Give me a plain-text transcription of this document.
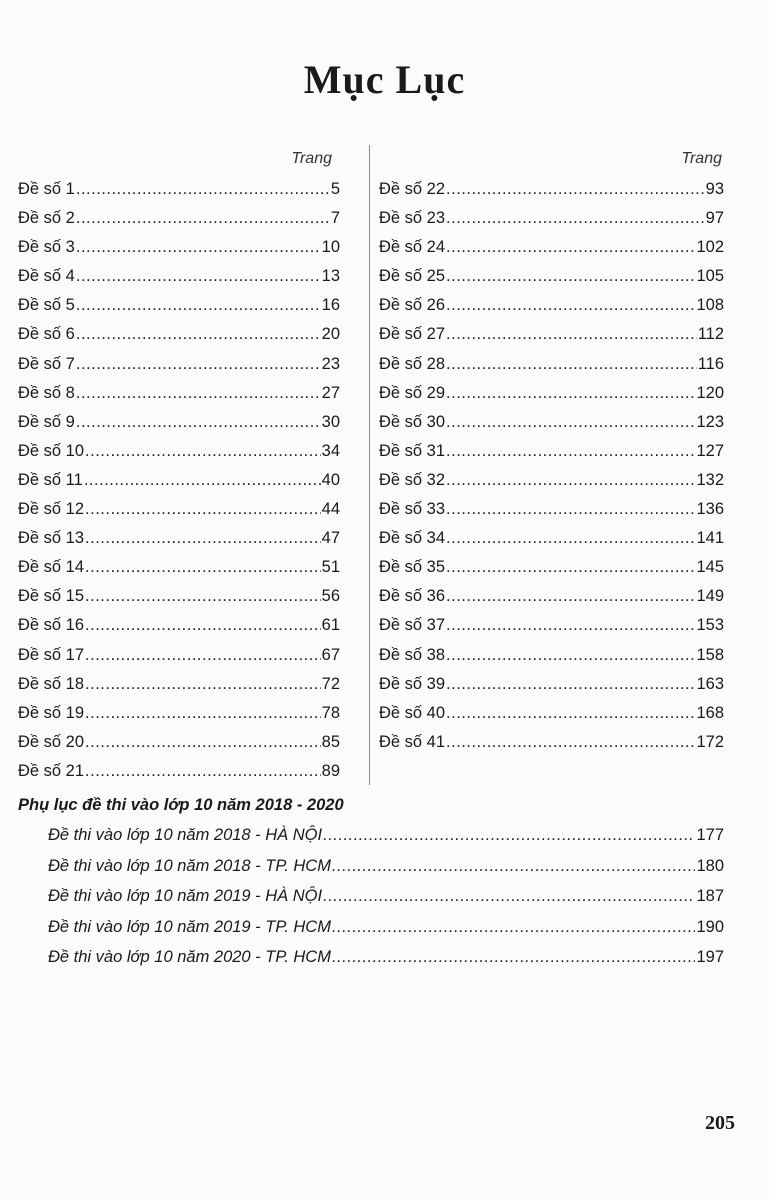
Mục Lục
Trang
Đề số 1 .....	5
Đề số 2 .....	7
Đề số 3 .....	10
Đề số 4 .....	13
Đề số 5 .....	16
Đề số 6 .....	20
Đề số 7 .....	23
Đề số 8 .....	27
Đề số 9 .....	30
Đề số 10 .....	34
Đề số 11 .....	40
Đề số 12 .....	44
Đề số 13 .....	47
Đề số 14 .....	51
Đề số 15 .....	56
Đề số 16 .....	61
Đề số 17 .....	67
Đề số 18 .....	72
Đề số 19 .....	78
Đề số 20 .....	85
Đề số 21 .....	89
Trang
Đề số 22 .....	93
Đề số 23 .....	97
Đề số 24 .....	102
Đề số 25 .....	105
Đề số 26 .....	108
Đề số 27 .....	112
Đề số 28 .....	116
Đề số 29 .....	120
Đề số 30 .....	123
Đề số 31 .....	127
Đề số 32 .....	132
Đề số 33 .....	136
Đề số 34 .....	141
Đề số 35 .....	145
Đề số 36 .....	149
Đề số 37 .....	153
Đề số 38 .....	158
Đề số 39 .....	163
Đề số 40 .....	168
Đề số 41 .....	172
Phụ lục đề thi vào lớp 10 năm 2018 - 2020
Đề thi vào lớp 10 năm 2018 - HÀ NỘI .....	177
Đề thi vào lớp 10 năm 2018 - TP. HCM .....	180
Đề thi vào lớp 10 năm 2019 - HÀ NỘI .....	187
Đề thi vào lớp 10 năm 2019 - TP. HCM .....	190
Đề thi vào lớp 10 năm 2020 - TP. HCM .....	197
205
